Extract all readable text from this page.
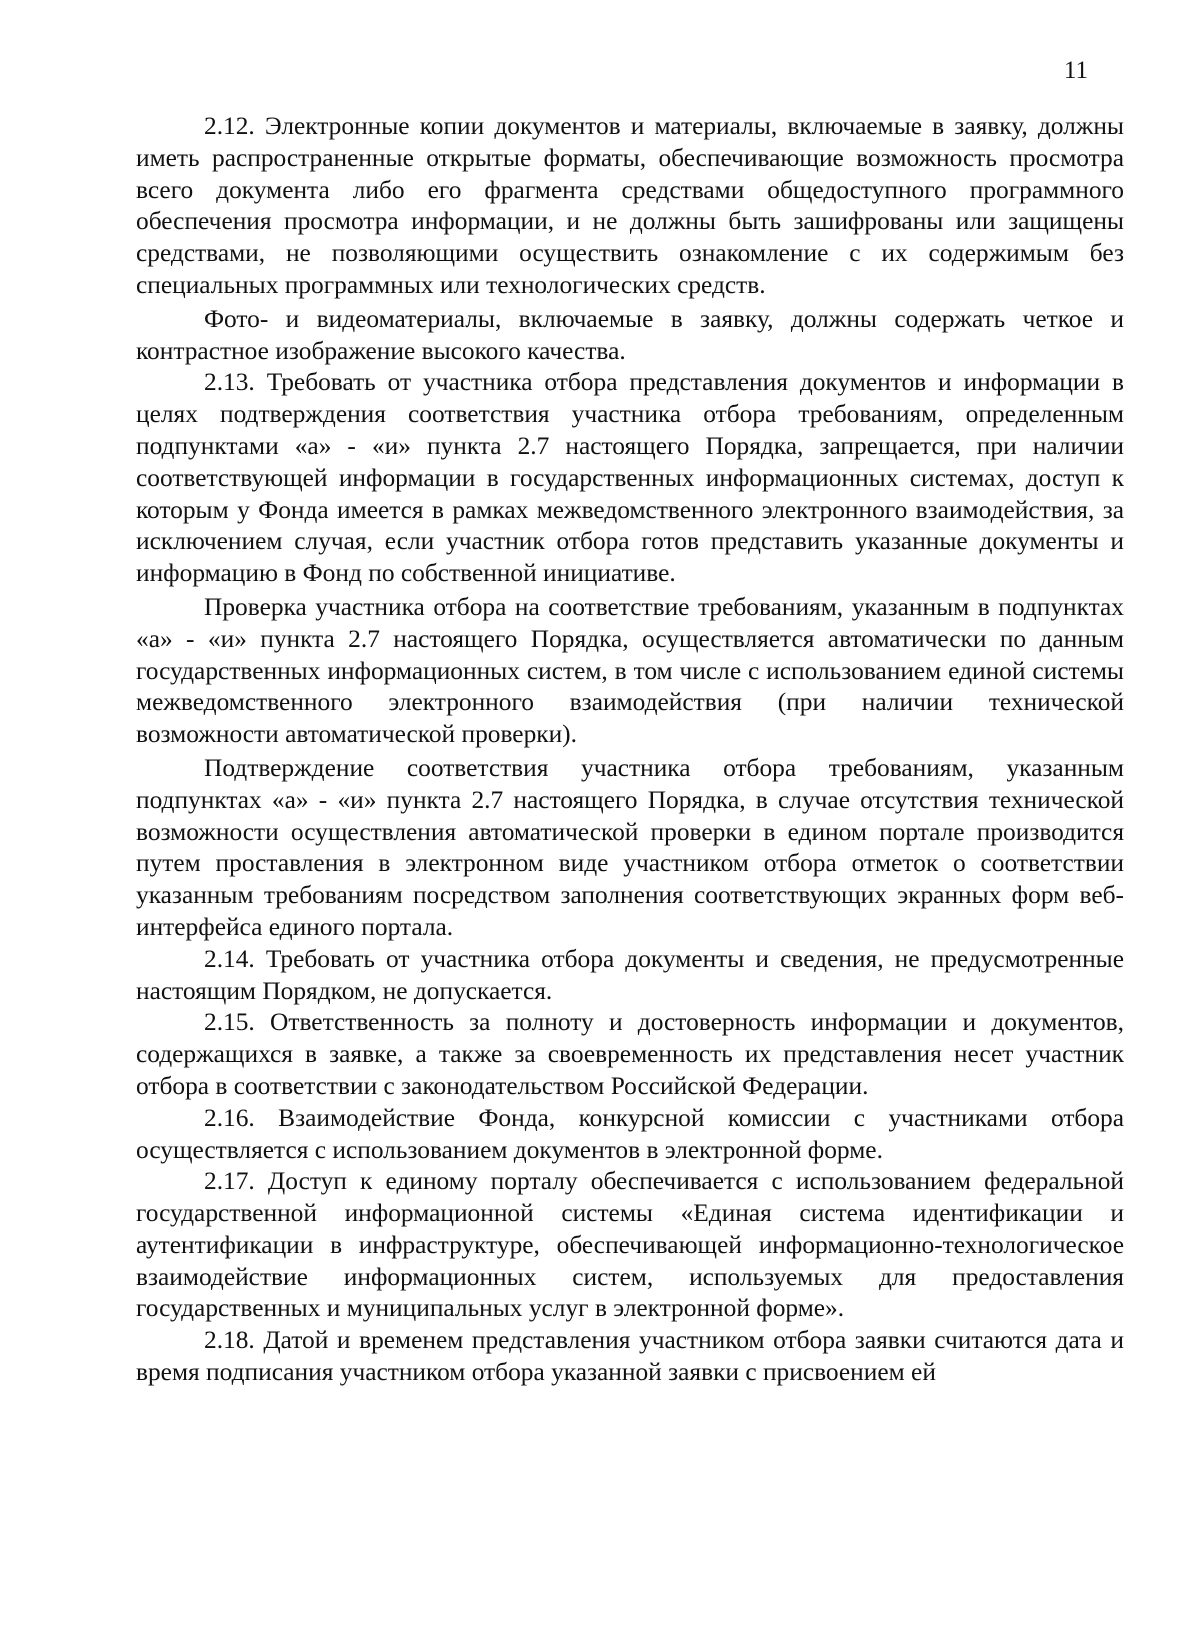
11

2.12. Электронные копии документов и материалы, включаемые в заявку, должны иметь распространенные открытые форматы, обеспечивающие возможность просмотра всего документа либо его фрагмента средствами общедоступного программного обеспечения просмотра информации, и не должны быть зашифрованы или защищены средствами, не позволяющими осуществить ознакомление с их содержимым без специальных программных или технологических средств.

Фото- и видеоматериалы, включаемые в заявку, должны содержать четкое и контрастное изображение высокого качества.

2.13. Требовать от участника отбора представления документов и информации в целях подтверждения соответствия участника отбора требованиям, определенным подпунктами «а» - «и» пункта 2.7 настоящего Порядка, запрещается, при наличии соответствующей информации в государственных информационных системах, доступ к которым у Фонда имеется в рамках межведомственного электронного взаимодействия, за исключением случая, если участник отбора готов представить указанные документы и информацию в Фонд по собственной инициативе.

Проверка участника отбора на соответствие требованиям, указанным в подпунктах «а» - «и» пункта 2.7 настоящего Порядка, осуществляется автоматически по данным государственных информационных систем, в том числе с использованием единой системы межведомственного электронного взаимодействия (при наличии технической возможности автоматической проверки).

Подтверждение соответствия участника отбора требованиям, указанным подпунктах «а» - «и» пункта 2.7 настоящего Порядка, в случае отсутствия технической возможности осуществления автоматической проверки в едином портале производится путем проставления в электронном виде участником отбора отметок о соответствии указанным требованиям посредством заполнения соответствующих экранных форм веб-интерфейса единого портала.

2.14. Требовать от участника отбора документы и сведения, не предусмотренные настоящим Порядком, не допускается.

2.15. Ответственность за полноту и достоверность информации и документов, содержащихся в заявке, а также за своевременность их представления несет участник отбора в соответствии с законодательством Российской Федерации.

2.16. Взаимодействие Фонда, конкурсной комиссии с участниками отбора осуществляется с использованием документов в электронной форме.

2.17. Доступ к единому порталу обеспечивается с использованием федеральной государственной информационной системы «Единая система идентификации и аутентификации в инфраструктуре, обеспечивающей информационно-технологическое взаимодействие информационных систем, используемых для предоставления государственных и муниципальных услуг в электронной форме».

2.18. Датой и временем представления участником отбора заявки считаются дата и время подписания участником отбора указанной заявки с присвоением ей
